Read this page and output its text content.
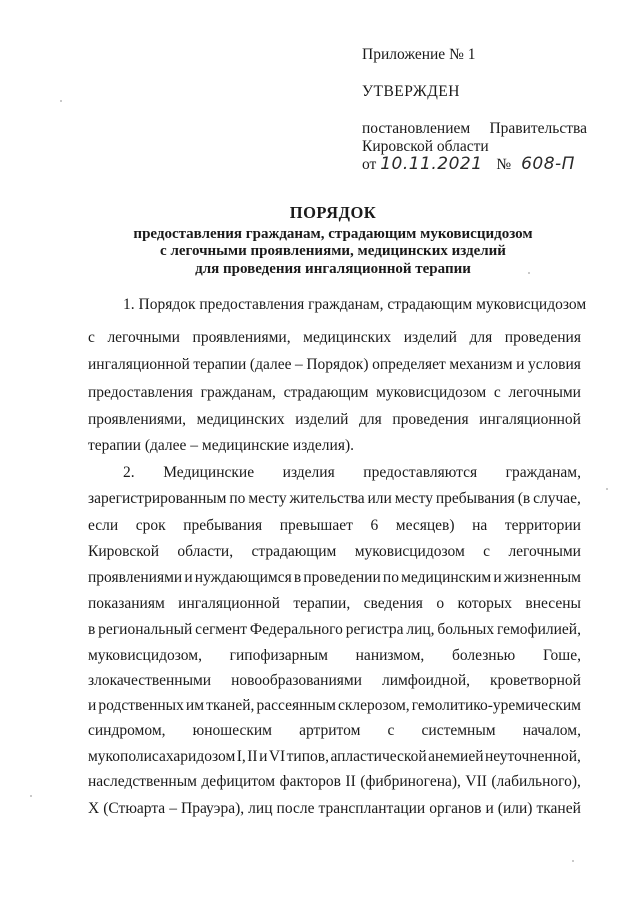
Приложение № 1
УТВЕРЖДЕН
постановлением Правительства
Кировской области
от 10.11.2021 № 608-П
ПОРЯДОК
предоставления гражданам, страдающим муковисцидозом
с легочными проявлениями, медицинских изделий
для проведения ингаляционной терапии
1. Порядок предоставления гражданам, страдающим муковисцидозом
с легочными проявлениями, медицинских изделий для проведения
ингаляционной терапии (далее – Порядок) определяет механизм и условия
предоставления гражданам, страдающим муковисцидозом с легочными
проявлениями, медицинских изделий для проведения ингаляционной
терапии (далее – медицинские изделия).
2. Медицинские изделия предоставляются гражданам,
зарегистрированным по месту жительства или месту пребывания (в случае,
если срок пребывания превышает 6 месяцев) на территории
Кировской области, страдающим муковисцидозом с легочными
проявлениями и нуждающимся в проведении по медицинским и жизненным
показаниям ингаляционной терапии, сведения о которых внесены
в региональный сегмент Федерального регистра лиц, больных гемофилией,
муковисцидозом, гипофизарным нанизмом, болезнью Гоше,
злокачественными новообразованиями лимфоидной, кроветворной
и родственных им тканей, рассеянным склерозом, гемолитико-уремическим
синдромом, юношеским артритом с системным началом,
мукополисахаридозом I, II и VI типов, апластической анемией неуточненной,
наследственным дефицитом факторов II (фибриногена), VII (лабильного),
X (Стюарта – Прауэра), лиц после трансплантации органов и (или) тканей
